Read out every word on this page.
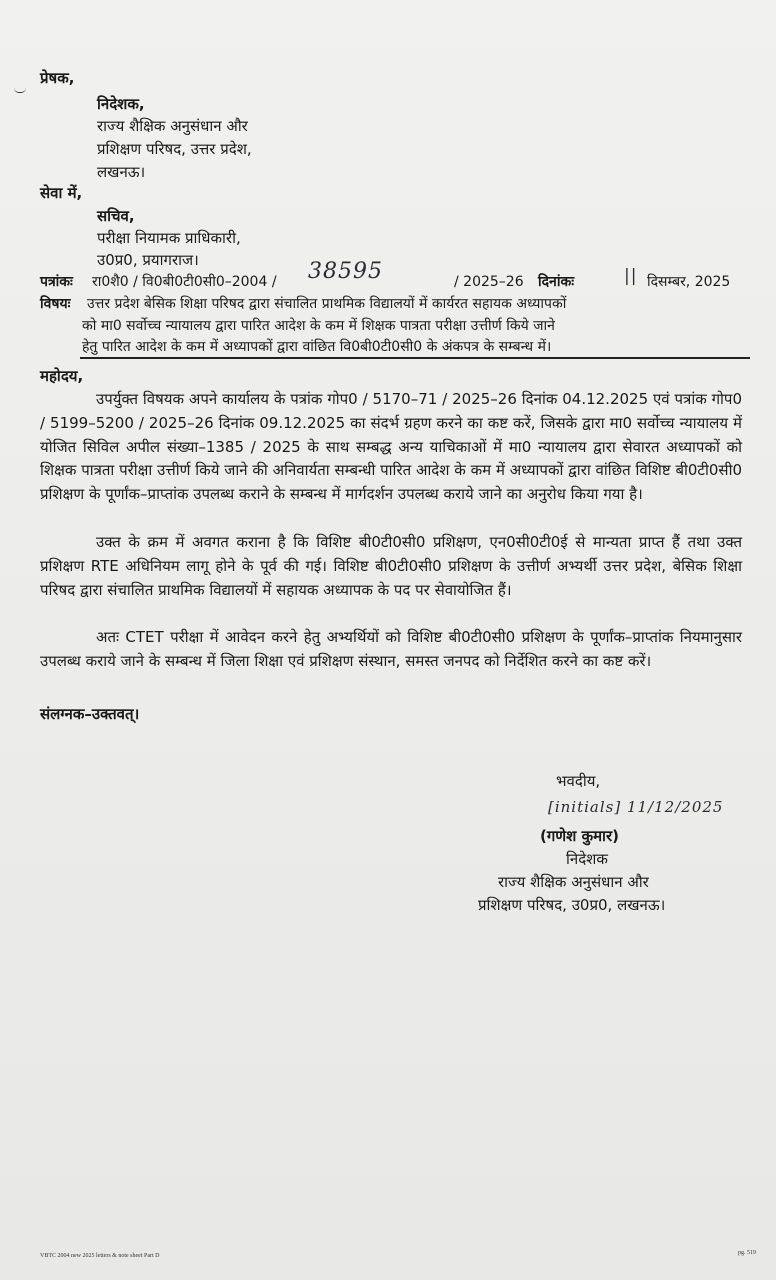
प्रेषक,
निदेशक,
राज्य शैक्षिक अनुसंधान और
प्रशिक्षण परिषद, उत्तर प्रदेश,
लखनऊ।
सेवा में,
सचिव,
परीक्षा नियामक प्राधिकारी,
उ0प्र0, प्रयागराज।
पत्रांकः रा0शै0 / वि0बी0टी0सी0–2004 / 38595	/ 2025–26 दिनांकः	|| दिसम्बर, 2025
विषयः उत्तर प्रदेश बेसिक शिक्षा परिषद द्वारा संचालित प्राथमिक विद्यालयों में कार्यरत सहायक अध्यापकों
को मा0 सर्वोच्च न्यायालय द्वारा पारित आदेश के कम में शिक्षक पात्रता परीक्षा उत्तीर्ण किये जाने
हेतु पारित आदेश के कम में अध्यापकों द्वारा वांछित वि0बी0टी0सी0 के अंकपत्र के सम्बन्ध में।
महोदय,
उपर्युक्त विषयक अपने कार्यालय के पत्रांक गोप0 / 5170–71 / 2025–26 दिनांक 04.12.2025 एवं पत्रांक गोप0 / 5199–5200 / 2025–26 दिनांक 09.12.2025 का संदर्भ ग्रहण करने का कष्ट करें, जिसके द्वारा मा0 सर्वोच्च न्यायालय में योजित सिविल अपील संख्या–1385 / 2025 के साथ सम्बद्ध अन्य याचिकाओं में मा0 न्यायालय द्वारा सेवारत अध्यापकों को शिक्षक पात्रता परीक्षा उत्तीर्ण किये जाने की अनिवार्यता सम्बन्धी पारित आदेश के कम में अध्यापकों द्वारा वांछित विशिष्ट बी0टी0सी0 प्रशिक्षण के पूर्णांक–प्राप्तांक उपलब्ध कराने के सम्बन्ध में मार्गदर्शन उपलब्ध कराये जाने का अनुरोध किया गया है।
उक्त के क्रम में अवगत कराना है कि विशिष्ट बी0टी0सी0 प्रशिक्षण, एन0सी0टी0ई से मान्यता प्राप्त हैं तथा उक्त प्रशिक्षण RTE अधिनियम लागू होने के पूर्व की गई। विशिष्ट बी0टी0सी0 प्रशिक्षण के उत्तीर्ण अभ्यर्थी उत्तर प्रदेश, बेसिक शिक्षा परिषद द्वारा संचालित प्राथमिक विद्यालयों में सहायक अध्यापक के पद पर सेवायोजित हैं।
अतः CTET परीक्षा में आवेदन करने हेतु अभ्यर्थियों को विशिष्ट बी0टी0सी0 प्रशिक्षण के पूर्णांक–प्राप्तांक नियमानुसार उपलब्ध कराये जाने के सम्बन्ध में जिला शिक्षा एवं प्रशिक्षण संस्थान, समस्त जनपद को निर्देशित करने का कष्ट करें।
संलग्नक–उक्तवत्।
भवदीय,
[initials] 11/12/2025
(गणेश कुमार)
निदेशक
राज्य शैक्षिक अनुसंधान और
प्रशिक्षण परिषद, उ0प्र0, लखनऊ।
VBTC 2004 new 2025 letters & note sheet Part D	pg. 519
